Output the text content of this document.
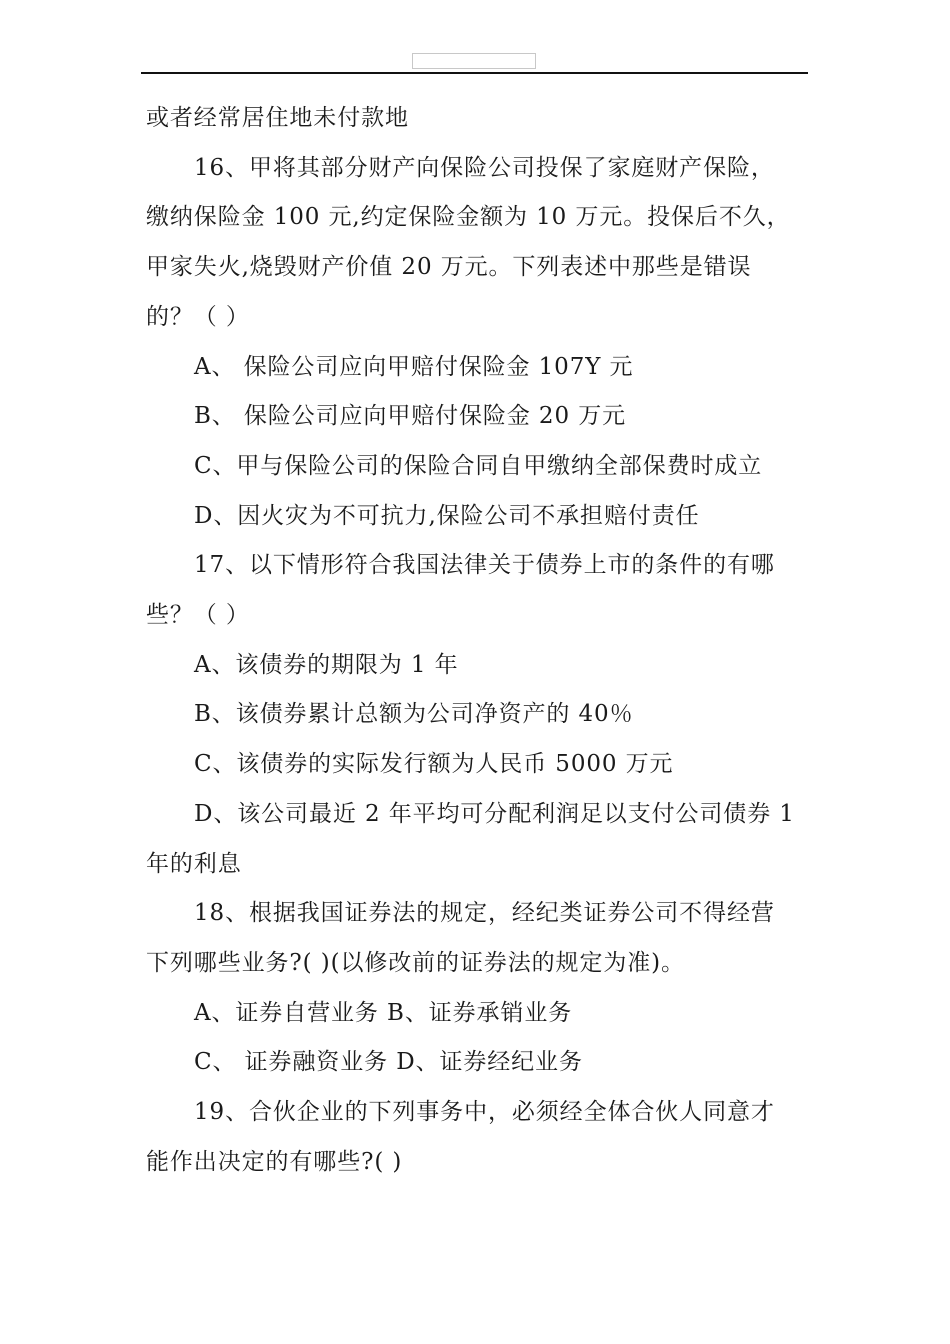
或者经常居住地未付款地

16、甲将其部分财产向保险公司投保了家庭财产保险，

缴纳保险金 100 元,约定保险金额为 10 万元。投保后不久，

甲家失火,烧毁财产价值 20 万元。下列表述中那些是错误

的？（ ）

A、 保险公司应向甲赔付保险金 107Y 元

B、 保险公司应向甲赔付保险金 20 万元

C、甲与保险公司的保险合同自甲缴纳全部保费时成立

D、因火灾为不可抗力,保险公司不承担赔付责任

17、以下情形符合我国法律关于债券上市的条件的有哪

些？（ ）

A、该债券的期限为 1 年

B、该债券累计总额为公司净资产的 40％

C、该债券的实际发行额为人民币 5000 万元

D、该公司最近 2 年平均可分配利润足以支付公司债券 1

年的利息

18、根据我国证券法的规定，经纪类证券公司不得经营

下列哪些业务?( )(以修改前的证券法的规定为准)。

A、证券自营业务 B、证券承销业务

C、 证券融资业务 D、证券经纪业务

19、合伙企业的下列事务中，必须经全体合伙人同意才

能作出决定的有哪些?( )
